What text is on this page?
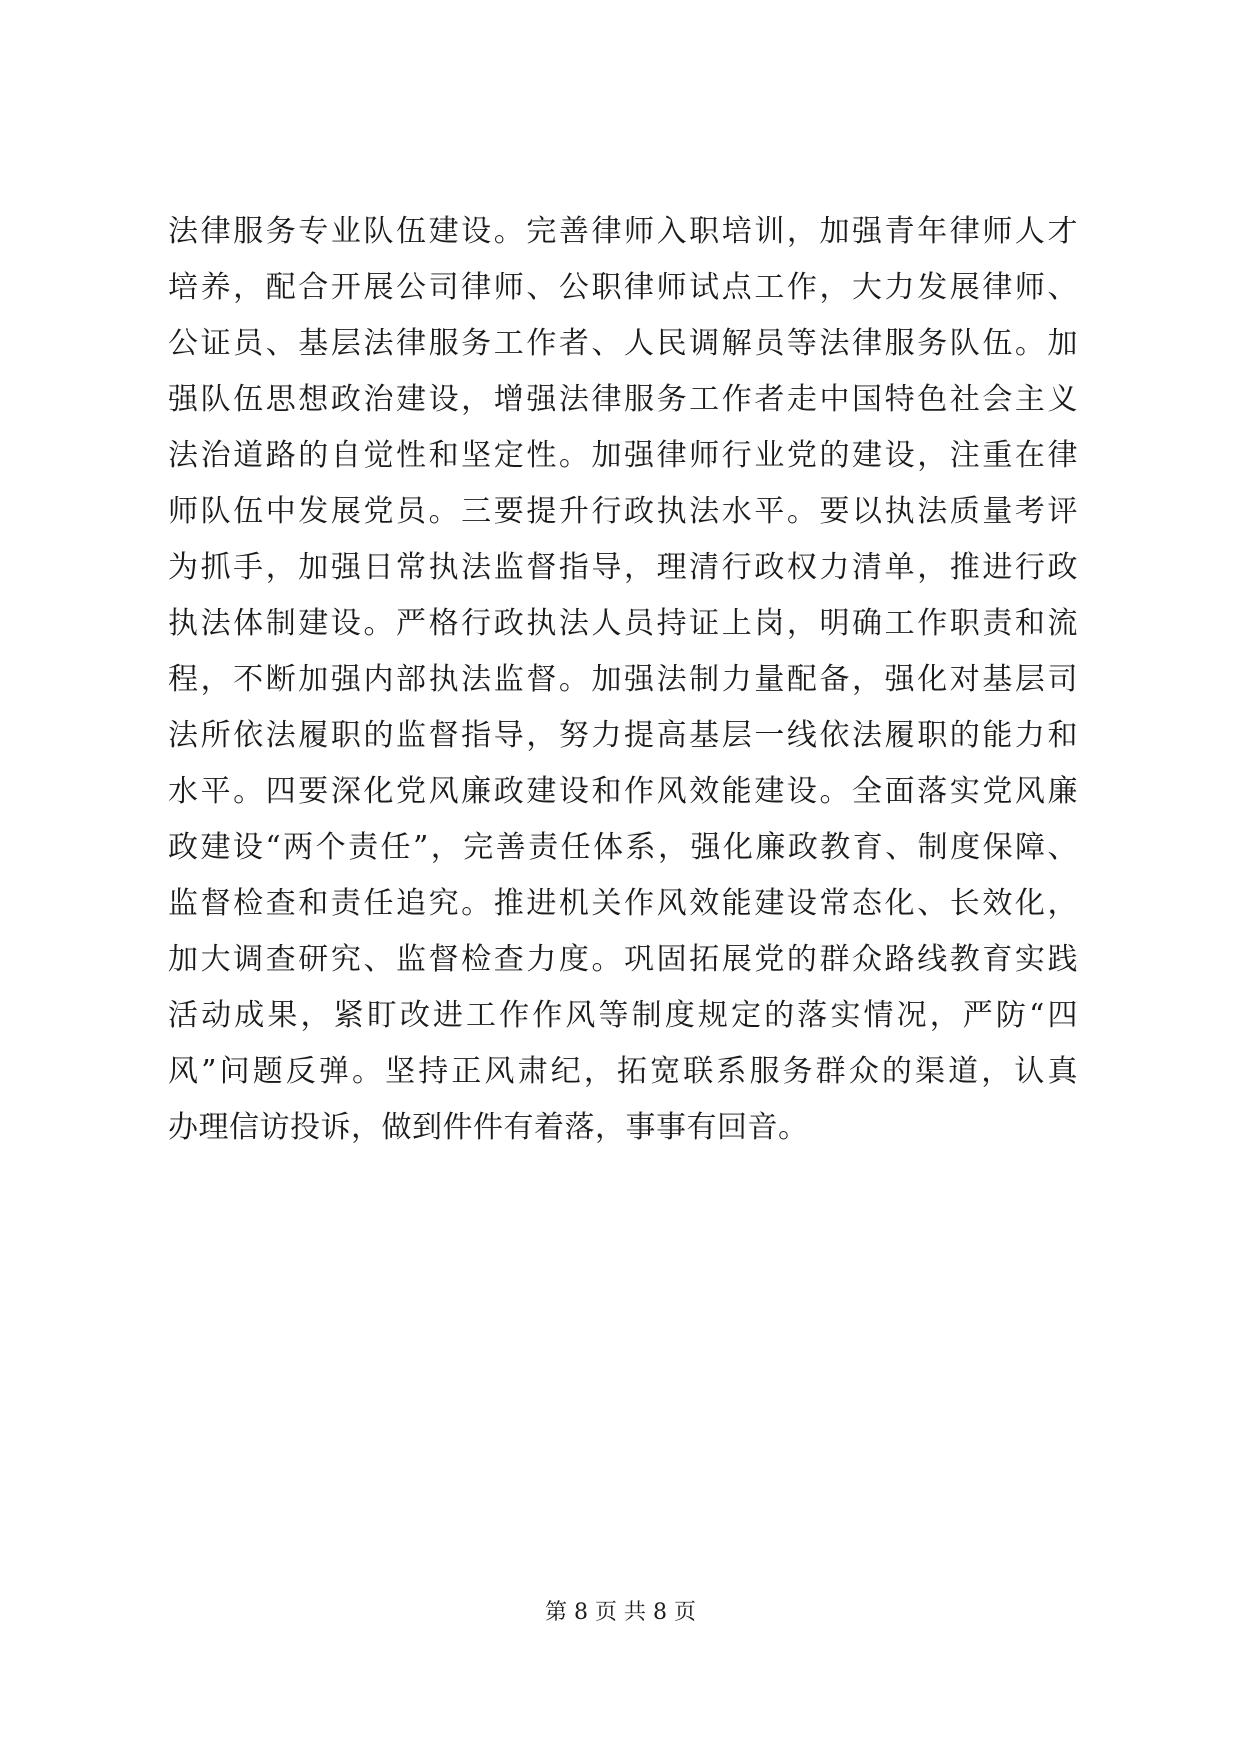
法律服务专业队伍建设。完善律师入职培训，加强青年律师人才
培养，配合开展公司律师、公职律师试点工作，大力发展律师、
公证员、基层法律服务工作者、人民调解员等法律服务队伍。加
强队伍思想政治建设，增强法律服务工作者走中国特色社会主义
法治道路的自觉性和坚定性。加强律师行业党的建设，注重在律
师队伍中发展党员。三要提升行政执法水平。要以执法质量考评
为抓手，加强日常执法监督指导，理清行政权力清单，推进行政
执法体制建设。严格行政执法人员持证上岗，明确工作职责和流
程，不断加强内部执法监督。加强法制力量配备，强化对基层司
法所依法履职的监督指导，努力提高基层一线依法履职的能力和
水平。四要深化党风廉政建设和作风效能建设。全面落实党风廉
政建设“两个责任”，完善责任体系，强化廉政教育、制度保障、
监督检查和责任追究。推进机关作风效能建设常态化、长效化，
加大调查研究、监督检查力度。巩固拓展党的群众路线教育实践
活动成果，紧盯改进工作作风等制度规定的落实情况，严防“四
风”问题反弹。坚持正风肃纪，拓宽联系服务群众的渠道，认真
办理信访投诉，做到件件有着落，事事有回音。
第 8 页 共 8 页
